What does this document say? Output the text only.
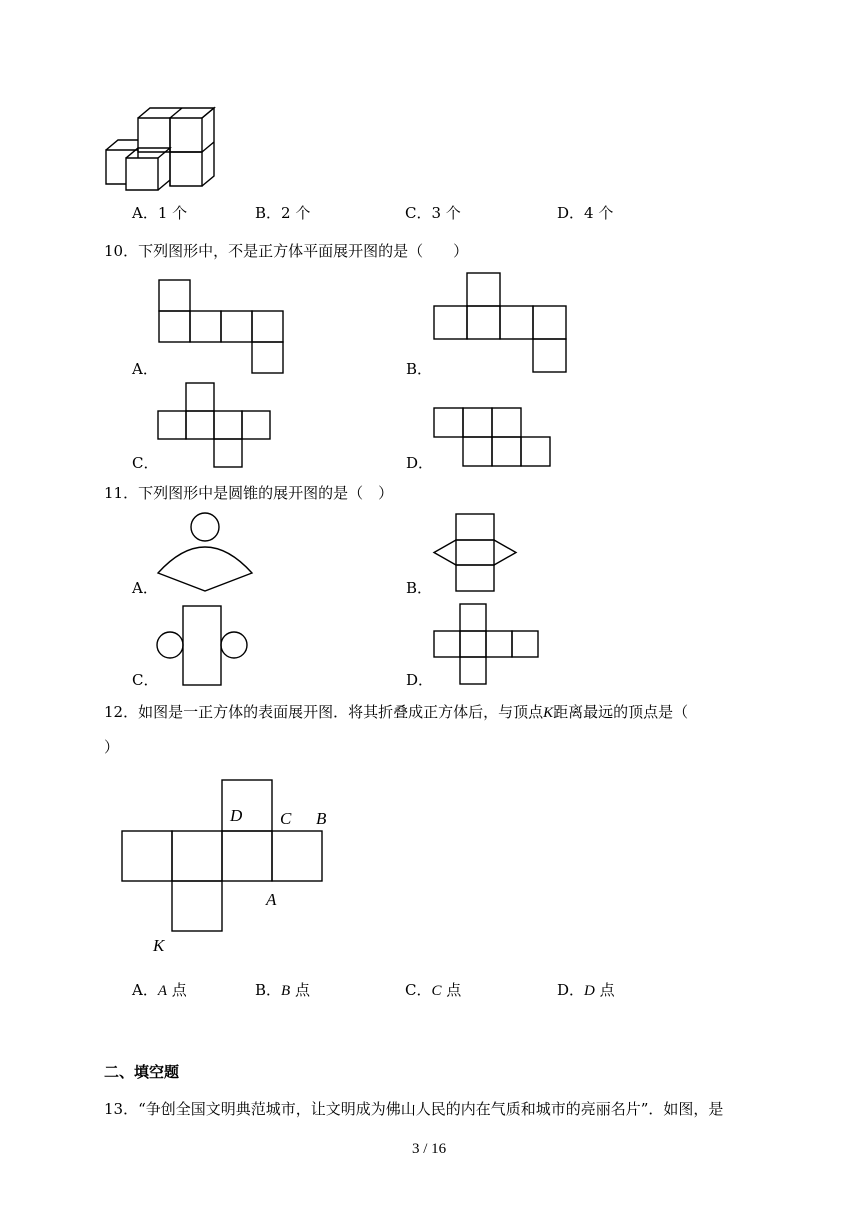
A．1 个	B．2 个	C．3 个	D．4 个
10．下列图形中，不是正方体平面展开图的是（　　）
A．	B．
C．	D．
11．下列图形中是圆锥的展开图的是（　）
A．	B．
C．	D．
12．如图是一正方体的表面展开图．将其折叠成正方体后，与顶点K距离最远的顶点是（
）
D C B
A
K
A．A 点	B．B 点	C．C 点	D．D 点
二、填空题
13．“争创全国文明典范城市，让文明成为佛山人民的内在气质和城市的亮丽名片”．如图，是
3 / 16
